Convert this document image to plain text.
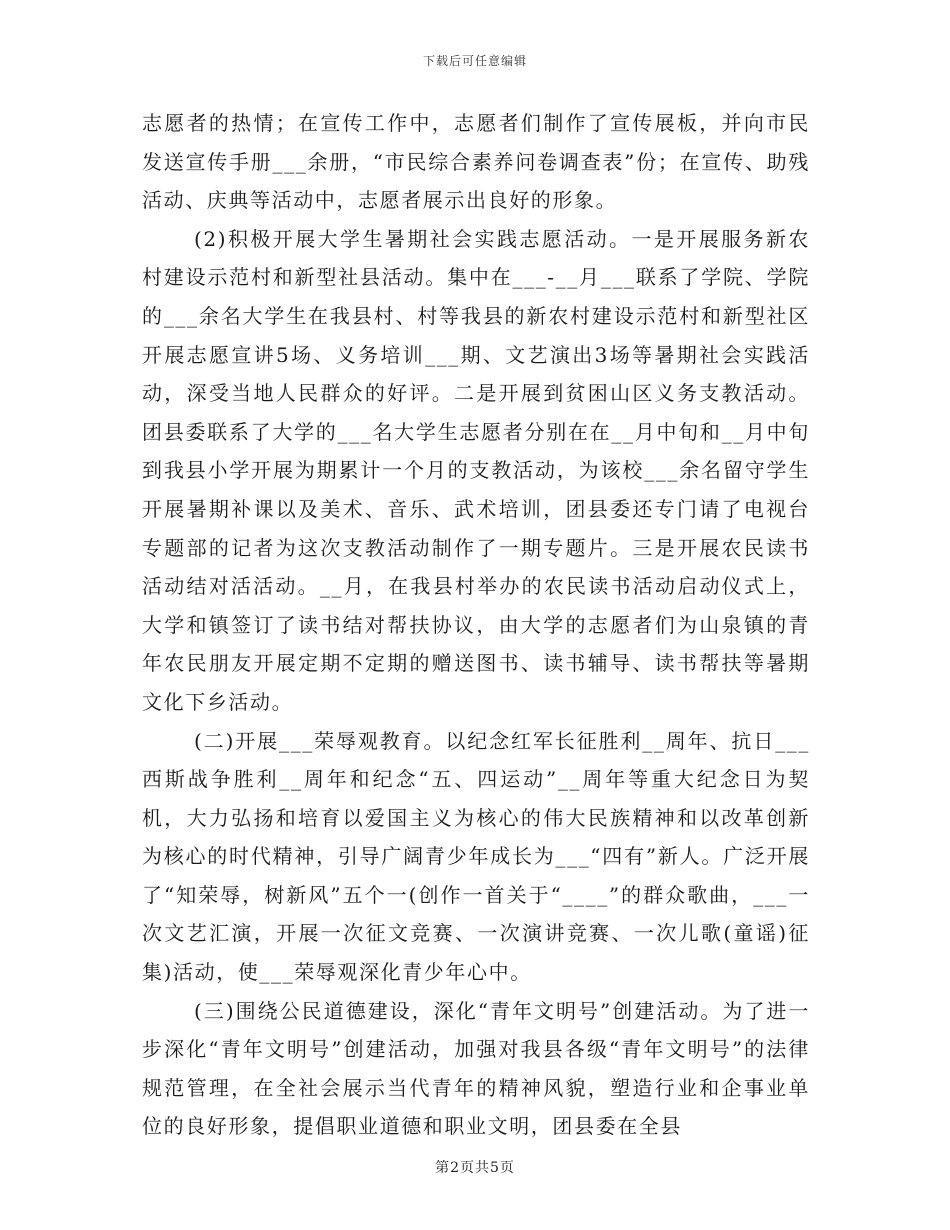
下载后可任意编辑

志愿者的热情；在宣传工作中，志愿者们制作了宣传展板，并向市民发送宣传手册___余册，“市民综合素养问卷调查表”份；在宣传、助残活动、庆典等活动中，志愿者展示出良好的形象。

(2)积极开展大学生暑期社会实践志愿活动。一是开展服务新农村建设示范村和新型社县活动。集中在___-__月___联系了学院、学院的___余名大学生在我县村、村等我县的新农村建设示范村和新型社区开展志愿宣讲5场、义务培训___期、文艺演出3场等暑期社会实践活动，深受当地人民群众的好评。二是开展到贫困山区义务支教活动。团县委联系了大学的___名大学生志愿者分别在在__月中旬和__月中旬到我县小学开展为期累计一个月的支教活动，为该校___余名留守学生开展暑期补课以及美术、音乐、武术培训，团县委还专门请了电视台专题部的记者为这次支教活动制作了一期专题片。三是开展农民读书活动结对活活动。__月，在我县村举办的农民读书活动启动仪式上，大学和镇签订了读书结对帮扶协议，由大学的志愿者们为山泉镇的青年农民朋友开展定期不定期的赠送图书、读书辅导、读书帮扶等暑期文化下乡活动。

(二)开展___荣辱观教育。以纪念红军长征胜利__周年、抗日___西斯战争胜利__周年和纪念“五、四运动”__周年等重大纪念日为契机，大力弘扬和培育以爱国主义为核心的伟大民族精神和以改革创新为核心的时代精神，引导广阔青少年成长为___“四有”新人。广泛开展了“知荣辱，树新风”五个一(创作一首关于“____”的群众歌曲，___一次文艺汇演，开展一次征文竞赛、一次演讲竞赛、一次儿歌(童谣)征集)活动，使___荣辱观深化青少年心中。

(三)围绕公民道德建设，深化“青年文明号”创建活动。为了进一步深化“青年文明号”创建活动，加强对我县各级“青年文明号”的法律规范管理，在全社会展示当代青年的精神风貌，塑造行业和企事业单位的良好形象，提倡职业道德和职业文明，团县委在全县

第2页共5页
